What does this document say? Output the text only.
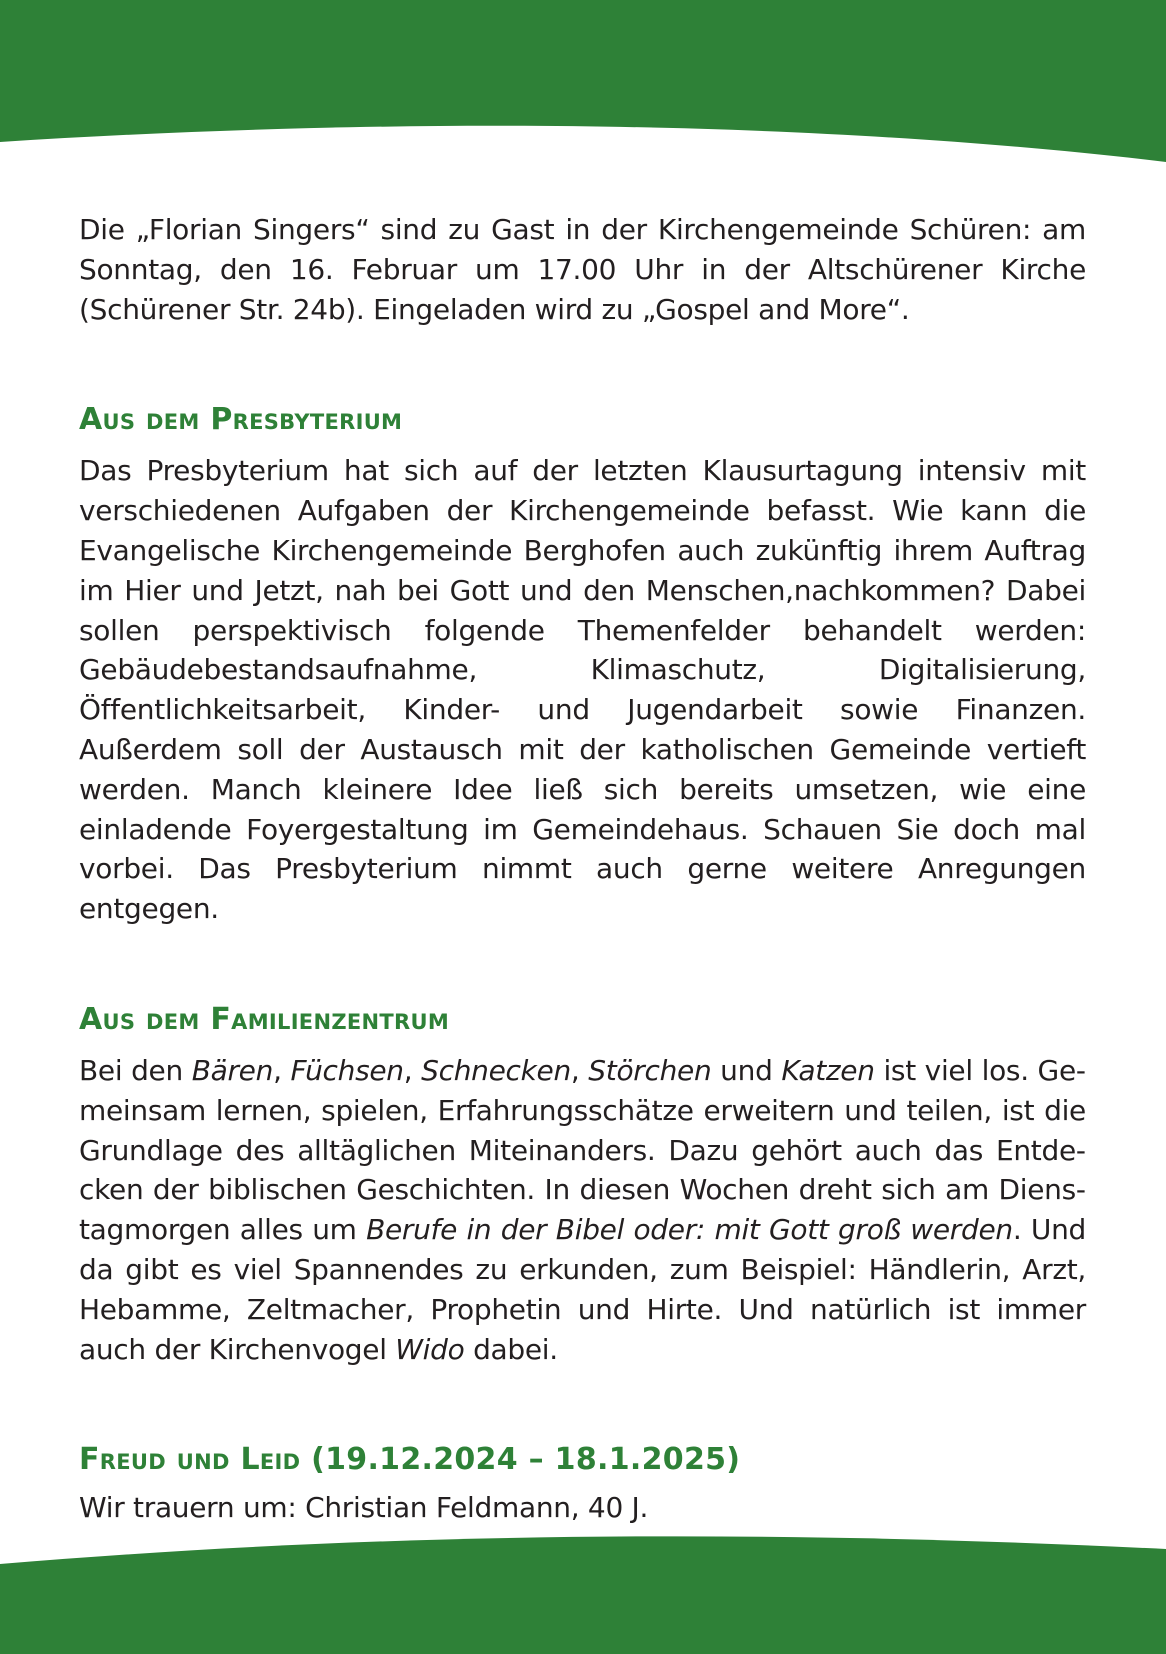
Die „Florian Singers“ sind zu Gast in der Kirchengemeinde Schüren: am Sonntag, den 16. Februar um 17.00 Uhr in der Altschürener Kirche (Schürener Str. 24b). Eingeladen wird zu „Gospel and More“.

Aus dem Presbyterium

Das Presbyterium hat sich auf der letzten Klausurtagung intensiv mit verschiedenen Aufgaben der Kirchengemeinde befasst. Wie kann die Evangelische Kirchengemeinde Berghofen auch zukünftig ihrem Auftrag im Hier und Jetzt, nah bei Gott und den Menschen,nachkommen? Dabei sollen perspektivisch folgende Themenfelder behandelt werden: Gebäudebestandsaufnahme, Klimaschutz, Digitalisierung, Öffentlichkeitsarbeit, Kinder- und Jugendarbeit sowie Finanzen. Außerdem soll der Austausch mit der katholischen Gemeinde vertieft werden. Manch kleinere Idee ließ sich bereits umsetzen, wie eine einladende Foyergestaltung im Gemeindehaus. Schauen Sie doch mal vorbei. Das Presbyterium nimmt auch gerne weitere Anregungen entgegen.

Aus dem Familienzentrum

Bei den Bären, Füchsen, Schnecken, Störchen und Katzen ist viel los. Gemeinsam lernen, spielen, Erfahrungsschätze erweitern und teilen, ist die Grundlage des alltäglichen Miteinanders. Dazu gehört auch das Entdecken der biblischen Geschichten. In diesen Wochen dreht sich am Dienstagmorgen alles um Berufe in der Bibel oder: mit Gott groß werden. Und da gibt es viel Spannendes zu erkunden, zum Beispiel: Händlerin, Arzt, Hebamme, Zeltmacher, Prophetin und Hirte. Und natürlich ist immer auch der Kirchenvogel Wido dabei.

Freud und Leid (19.12.2024 – 18.1.2025)

Wir trauern um: Christian Feldmann, 40 J.
